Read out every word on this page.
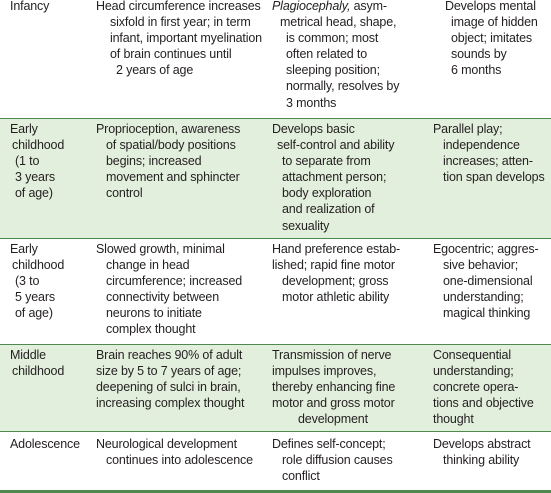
Infancy	Head circumference increases
sixfold in first year; in term
infant, important myelination
of brain continues until
2 years of age
Plagiocephaly, asym-
metrical head, shape,
is common; most
often related to
sleeping position;
normally, resolves by
3 months
Develops mental
image of hidden
object; imitates
sounds by
6 months
Early
childhood
(1 to
3 years
of age)
Proprioception, awareness
of spatial/body positions
begins; increased
movement and sphincter
control
Develops basic
self-control and ability
to separate from
attachment person;
body exploration
and realization of
sexuality
Parallel play;
independence
increases; atten-
tion span develops
Early
childhood
(3 to
5 years
of age)
Slowed growth, minimal
change in head
circumference; increased
connectivity between
neurons to initiate
complex thought
Hand preference estab-
lished; rapid fine motor
development; gross
motor athletic ability
Egocentric; aggres-
sive behavior;
one-dimensional
understanding;
magical thinking
Middle
childhood
Brain reaches 90% of adult
size by 5 to 7 years of age;
deepening of sulci in brain,
increasing complex thought
Transmission of nerve
impulses improves,
thereby enhancing fine
motor and gross motor
development
Consequential
understanding;
concrete opera-
tions and objective
thought
Adolescence	Neurological development
continues into adolescence
Defines self-concept;
role diffusion causes
conflict
Develops abstract
thinking ability
